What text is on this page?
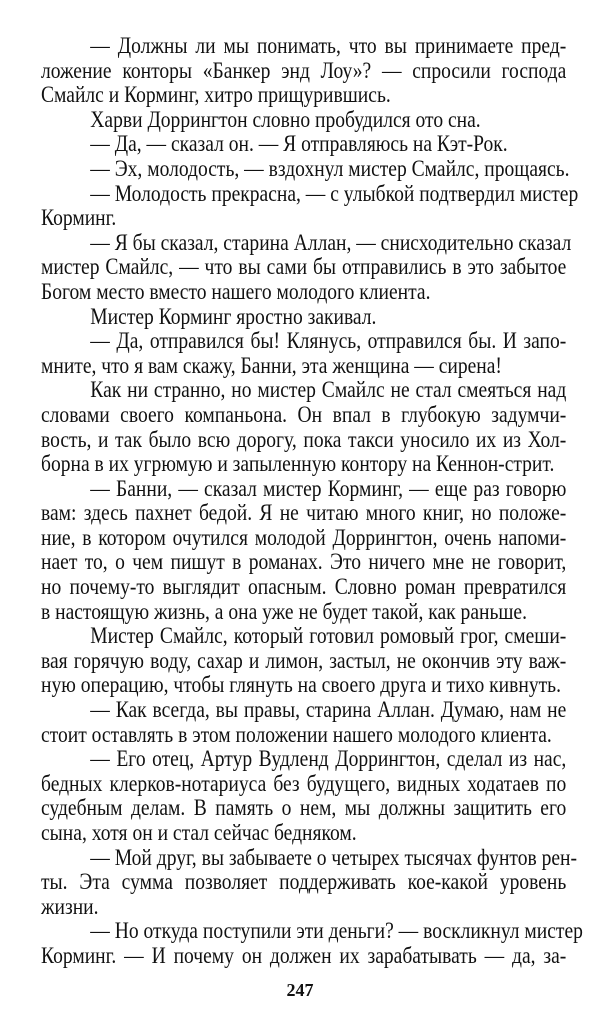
— Должны ли мы понимать, что вы принимаете пред-
ложение конторы «Банкер энд Лоу»? — спросили господа
Смайлс и Корминг, хитро прищурившись.
Харви Доррингтон словно пробудился ото сна.
— Да, — сказал он. — Я отправляюсь на Кэт-Рок.
— Эх, молодость, — вздохнул мистер Смайлс, прощаясь.
— Молодость прекрасна, — с улыбкой подтвердил мистер
Корминг.
— Я бы сказал, старина Аллан, — снисходительно сказал
мистер Смайлс, — что вы сами бы отправились в это забытое
Богом место вместо нашего молодого клиента.
Мистер Корминг яростно закивал.
— Да, отправился бы! Клянусь, отправился бы. И запо-
мните, что я вам скажу, Банни, эта женщина — сирена!
Как ни странно, но мистер Смайлс не стал смеяться над
словами своего компаньона. Он впал в глубокую задумчи-
вость, и так было всю дорогу, пока такси уносило их из Хол-
борна в их угрюмую и запыленную контору на Кеннон-стрит.
— Банни, — сказал мистер Корминг, — еще раз говорю
вам: здесь пахнет бедой. Я не читаю много книг, но положе-
ние, в котором очутился молодой Доррингтон, очень напоми-
нает то, о чем пишут в романах. Это ничего мне не говорит,
но почему-то выглядит опасным. Словно роман превратился
в настоящую жизнь, а она уже не будет такой, как раньше.
Мистер Смайлс, который готовил ромовый грог, смеши-
вая горячую воду, сахар и лимон, застыл, не окончив эту важ-
ную операцию, чтобы глянуть на своего друга и тихо кивнуть.
— Как всегда, вы правы, старина Аллан. Думаю, нам не
стоит оставлять в этом положении нашего молодого клиента.
— Его отец, Артур Вудленд Доррингтон, сделал из нас,
бедных клерков-нотариуса без будущего, видных ходатаев по
судебным делам. В память о нем, мы должны защитить его
сына, хотя он и стал сейчас бедняком.
— Мой друг, вы забываете о четырех тысячах фунтов рен-
ты. Эта сумма позволяет поддерживать кое-какой уровень
жизни.
— Но откуда поступили эти деньги? — воскликнул мистер
Корминг. — И почему он должен их зарабатывать — да, за-
247
